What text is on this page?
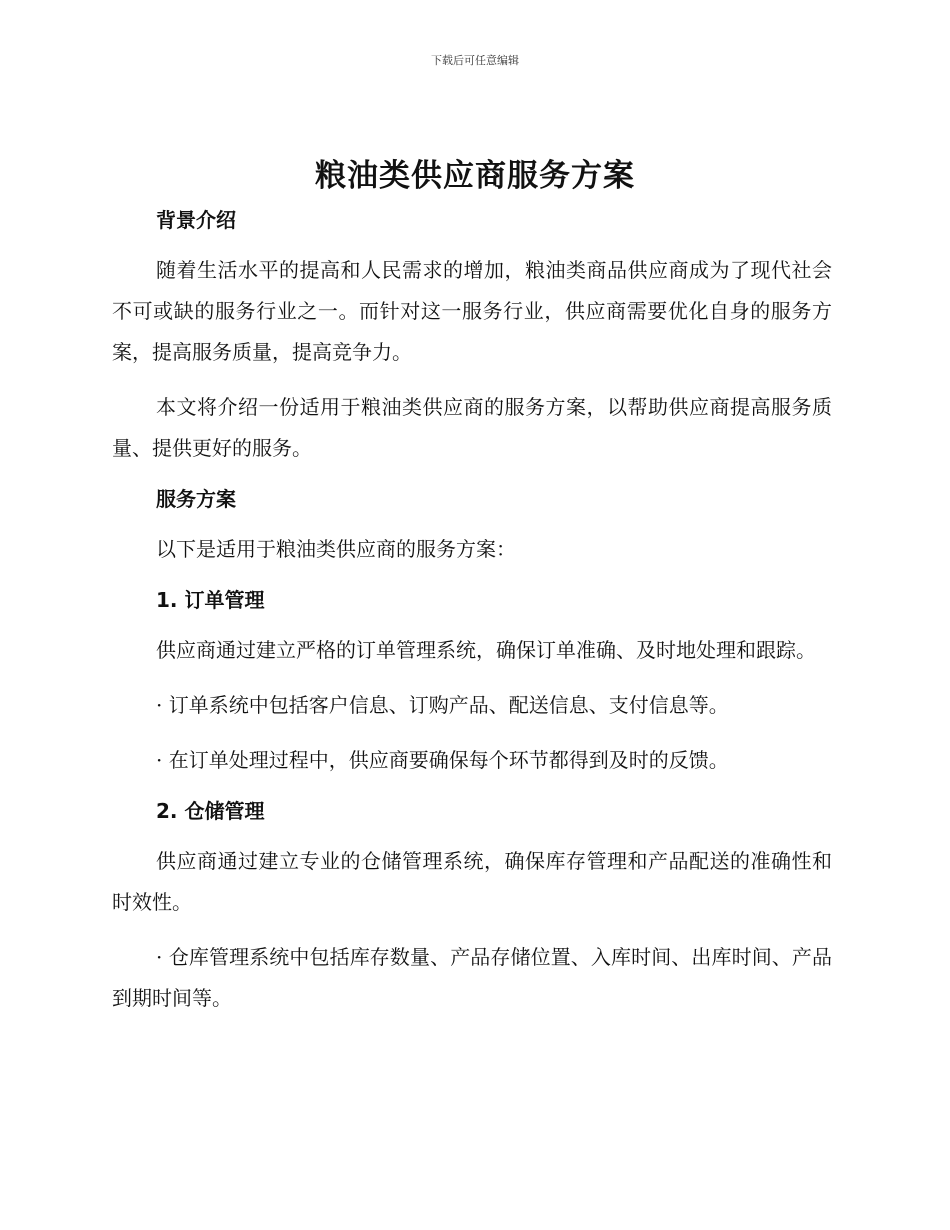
下载后可任意编辑
粮油类供应商服务方案

背景介绍

随着生活水平的提高和人民需求的增加，粮油类商品供应商成为了现代社会不可或缺的服务行业之一。而针对这一服务行业，供应商需要优化自身的服务方案，提高服务质量，提高竞争力。

本文将介绍一份适用于粮油类供应商的服务方案，以帮助供应商提高服务质量、提供更好的服务。

服务方案

以下是适用于粮油类供应商的服务方案：

1. 订单管理

供应商通过建立严格的订单管理系统，确保订单准确、及时地处理和跟踪。

· 订单系统中包括客户信息、订购产品、配送信息、支付信息等。

· 在订单处理过程中，供应商要确保每个环节都得到及时的反馈。

2. 仓储管理

供应商通过建立专业的仓储管理系统，确保库存管理和产品配送的准确性和时效性。

· 仓库管理系统中包括库存数量、产品存储位置、入库时间、出库时间、产品到期时间等。
